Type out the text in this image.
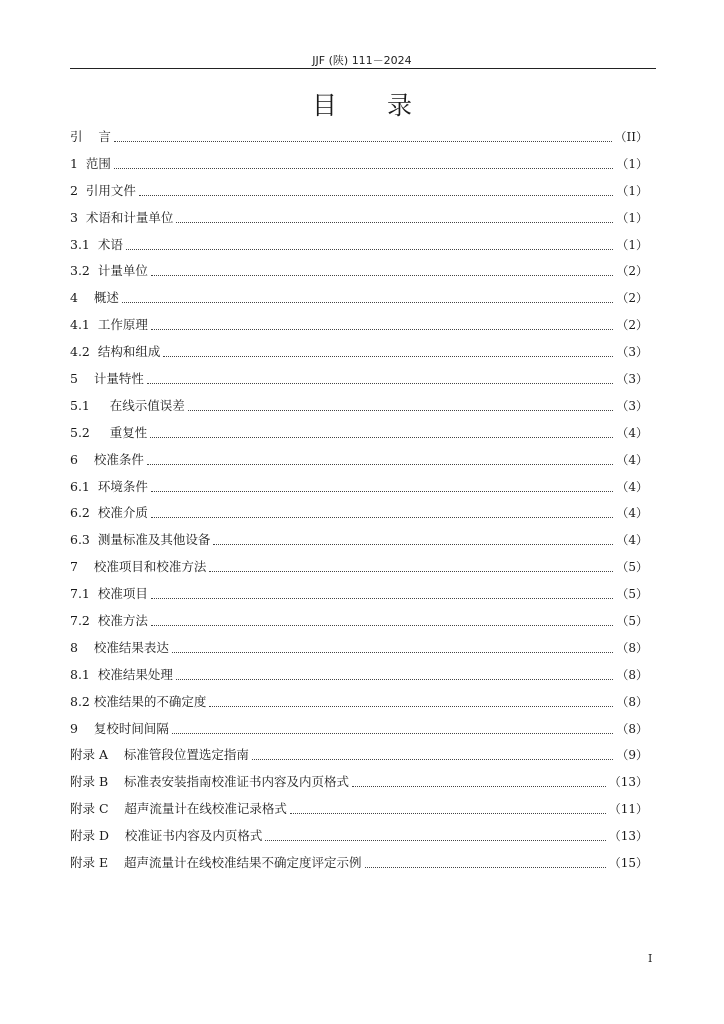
JJF (陕) 111－2024
目 录
引    言	（II）
1  范围	（1）
2  引用文件	（1）
3  术语和计量单位	（1）
3.1  术语	（1）
3.2  计量单位	（2）
4    概述	（2）
4.1  工作原理	（2）
4.2  结构和组成	（3）
5    计量特性	（3）
5.1     在线示值误差	（3）
5.2     重复性	（4）
6    校准条件	（4）
6.1  环境条件	（4）
6.2  校准介质	（4）
6.3  测量标准及其他设备	（4）
7    校准项目和校准方法	（5）
7.1  校准项目	（5）
7.2  校准方法	（5）
8    校准结果表达	（8）
8.1  校准结果处理	（8）
8.2 校准结果的不确定度	（8）
9    复校时间间隔	（8）
附录 A    标准管段位置选定指南	（9）
附录 B    标准表安装指南校准证书内容及内页格式	（13）
附录 C    超声流量计在线校准记录格式	（11）
附录 D    校准证书内容及内页格式	（13）
附录 E    超声流量计在线校准结果不确定度评定示例	（15）
I
